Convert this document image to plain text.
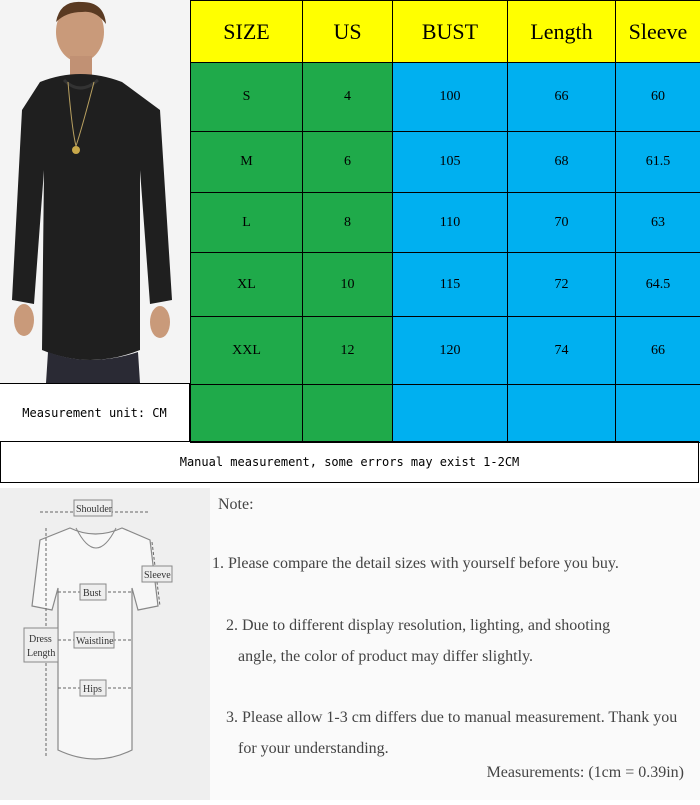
SIZE	US	BUST	Length	Sleeve
S	4	100	66	60
M	6	105	68	61.5
L	8	110	70	63
XL	10	115	72	64.5
XXL	12	120	74	66

Measurement unit: CM
Manual measurement, some errors may exist 1-2CM
Shoulder
Sleeve
Bust
Waistline
Hips
Dress
Length
Note:
1. Please compare the detail sizes with yourself before you buy.
2. Due to different display resolution, lighting, and shooting
angle, the color of product may differ slightly.
3. Please allow 1-3 cm differs due to manual measurement. Thank you
for your understanding.
Measurements: (1cm = 0.39in)
